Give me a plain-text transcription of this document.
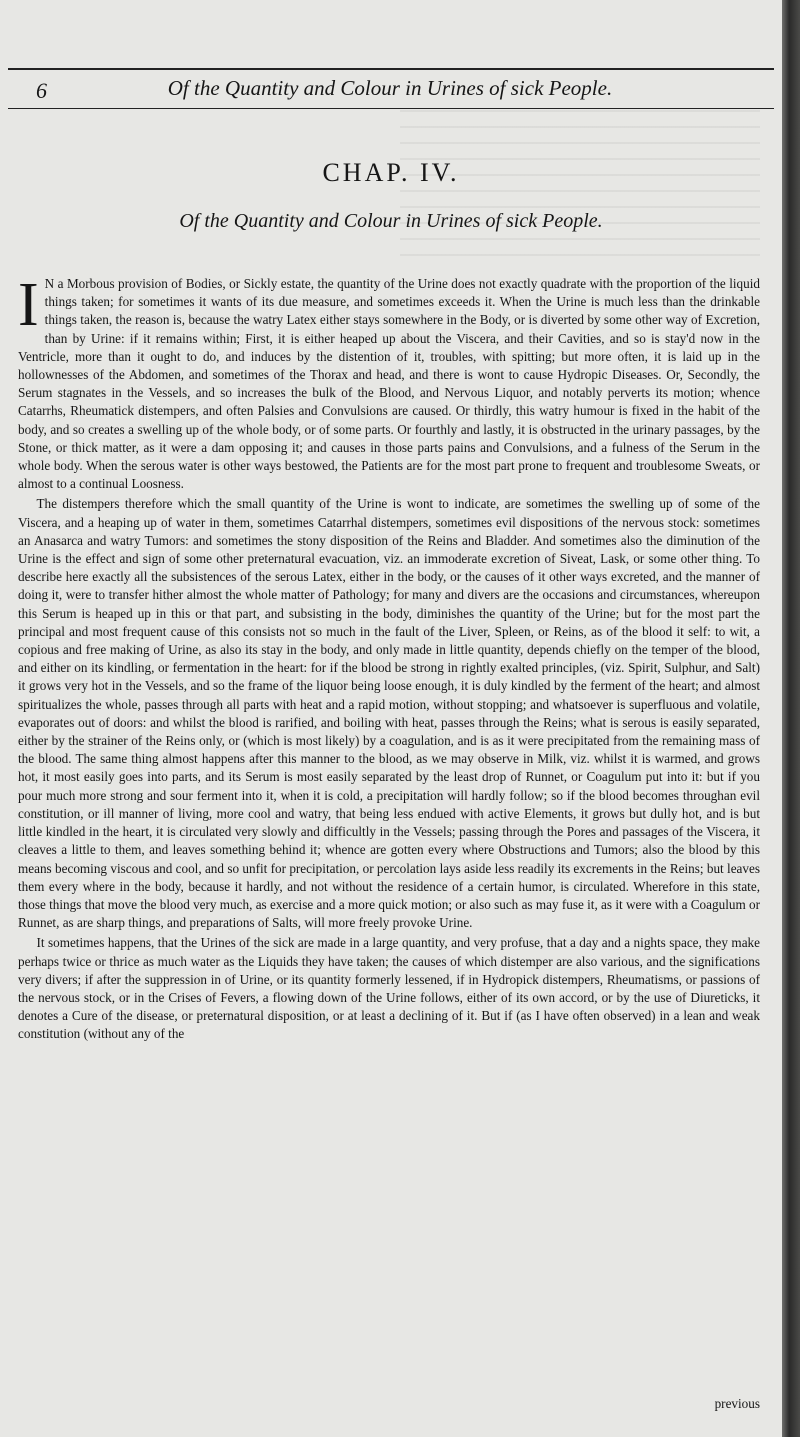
6	Of the Quantity and Colour in Urines of sick People.
CHAP. IV.
Of the Quantity and Colour in Urines of sick People.

I N a Morbous provision of Bodies, or Sickly estate, the quantity of the Urine does not exactly quadrate with the proportion of the liquid things taken; for sometimes it wants of its due measure, and sometimes exceeds it. When the Urine is much less than the drinkable things taken, the reason is, because the watry Latex either stays somewhere in the Body, or is diverted by some other way of Excretion, than by Urine: if it remains within; First, it is either heaped up about the Viscera, and their Cavities, and so is stay'd now in the Ventricle, more than it ought to do, and induces by the distention of it, troubles, with spitting; but more often, it is laid up in the hollownesses of the Abdomen, and sometimes of the Thorax and head, and there is wont to cause Hydropic Diseases. Or, Secondly, the Serum stagnates in the Vessels, and so increases the bulk of the Blood, and Nervous Liquor, and notably perverts its motion; whence Catarrhs, Rheumatick distempers, and often Palsies and Convulsions are caused. Or thirdly, this watry humour is fixed in the habit of the body, and so creates a swelling up of the whole body, or of some parts. Or fourthly and lastly, it is obstructed in the urinary passages, by the Stone, or thick matter, as it were a dam opposing it; and causes in those parts pains and Convulsions, and a fulness of the Serum in the whole body. When the serous water is other ways bestowed, the Patients are for the most part prone to frequent and troublesome Sweats, or almost to a continual Loosness.

The distempers therefore which the small quantity of the Urine is wont to indicate, are sometimes the swelling up of some of the Viscera, and a heaping up of water in them, sometimes Catarrhal distempers, sometimes evil dispositions of the nervous stock: sometimes an Anasarca and watry Tumors: and sometimes the stony disposition of the Reins and Bladder. And sometimes also the diminution of the Urine is the effect and sign of some other preternatural evacuation, viz. an immoderate excretion of Siveat, Lask, or some other thing. To describe here exactly all the subsistences of the serous Latex, either in the body, or the causes of it other ways excreted, and the manner of doing it, were to transfer hither almost the whole matter of Pathology; for many and divers are the occasions and circumstances, whereupon this Serum is heaped up in this or that part, and subsisting in the body, diminishes the quantity of the Urine; but for the most part the principal and most frequent cause of this consists not so much in the fault of the Liver, Spleen, or Reins, as of the blood it self: to wit, a copious and free making of Urine, as also its stay in the body, and only made in little quantity, depends chiefly on the temper of the blood, and either on its kindling, or fermentation in the heart: for if the blood be strong in rightly exalted principles, (viz. Spirit, Sulphur, and Salt) it grows very hot in the Vessels, and so the frame of the liquor being loose enough, it is duly kindled by the ferment of the heart; and almost spiritualizes the whole, passes through all parts with heat and a rapid motion, without stopping; and whatsoever is superfluous and volatile, evaporates out of doors: and whilst the blood is rarified, and boiling with heat, passes through the Reins; what is serous is easily separated, either by the strainer of the Reins only, or (which is most likely) by a coagulation, and is as it were precipitated from the remaining mass of the blood. The same thing almost happens after this manner to the blood, as we may observe in Milk, viz. whilst it is warmed, and grows hot, it most easily goes into parts, and its Serum is most easily separated by the least drop of Runnet, or Coagulum put into it: but if you pour much more strong and sour ferment into it, when it is cold, a precipitation will hardly follow; so if the blood becomes throughan evil constitution, or ill manner of living, more cool and watry, that being less endued with active Elements, it grows but dully hot, and is but little kindled in the heart, it is circulated very slowly and difficultly in the Vessels; passing through the Pores and passages of the Viscera, it cleaves a little to them, and leaves something behind it; whence are gotten every where Obstructions and Tumors; also the blood by this means becoming viscous and cool, and so unfit for precipitation, or percolation lays aside less readily its excrements in the Reins; but leaves them every where in the body, because it hardly, and not without the residence of a certain humor, is circulated. Wherefore in this state, those things that move the blood very much, as exercise and a more quick motion; or also such as may fuse it, as it were with a Coagulum or Runnet, as are sharp things, and preparations of Salts, will more freely provoke Urine.

It sometimes happens, that the Urines of the sick are made in a large quantity, and very profuse, that a day and a nights space, they make perhaps twice or thrice as much water as the Liquids they have taken; the causes of which distemper are also various, and the significations very divers; if after the suppression in of Urine, or its quantity formerly lessened, if in Hydropick distempers, Rheumatisms, or passions of the nervous stock, or in the Crises of Fevers, a flowing down of the Urine follows, either of its own accord, or by the use of Diureticks, it denotes a Cure of the disease, or preternatural disposition, or at least a declining of it. But if (as I have often observed) in a lean and weak constitution (without any of the

previous
